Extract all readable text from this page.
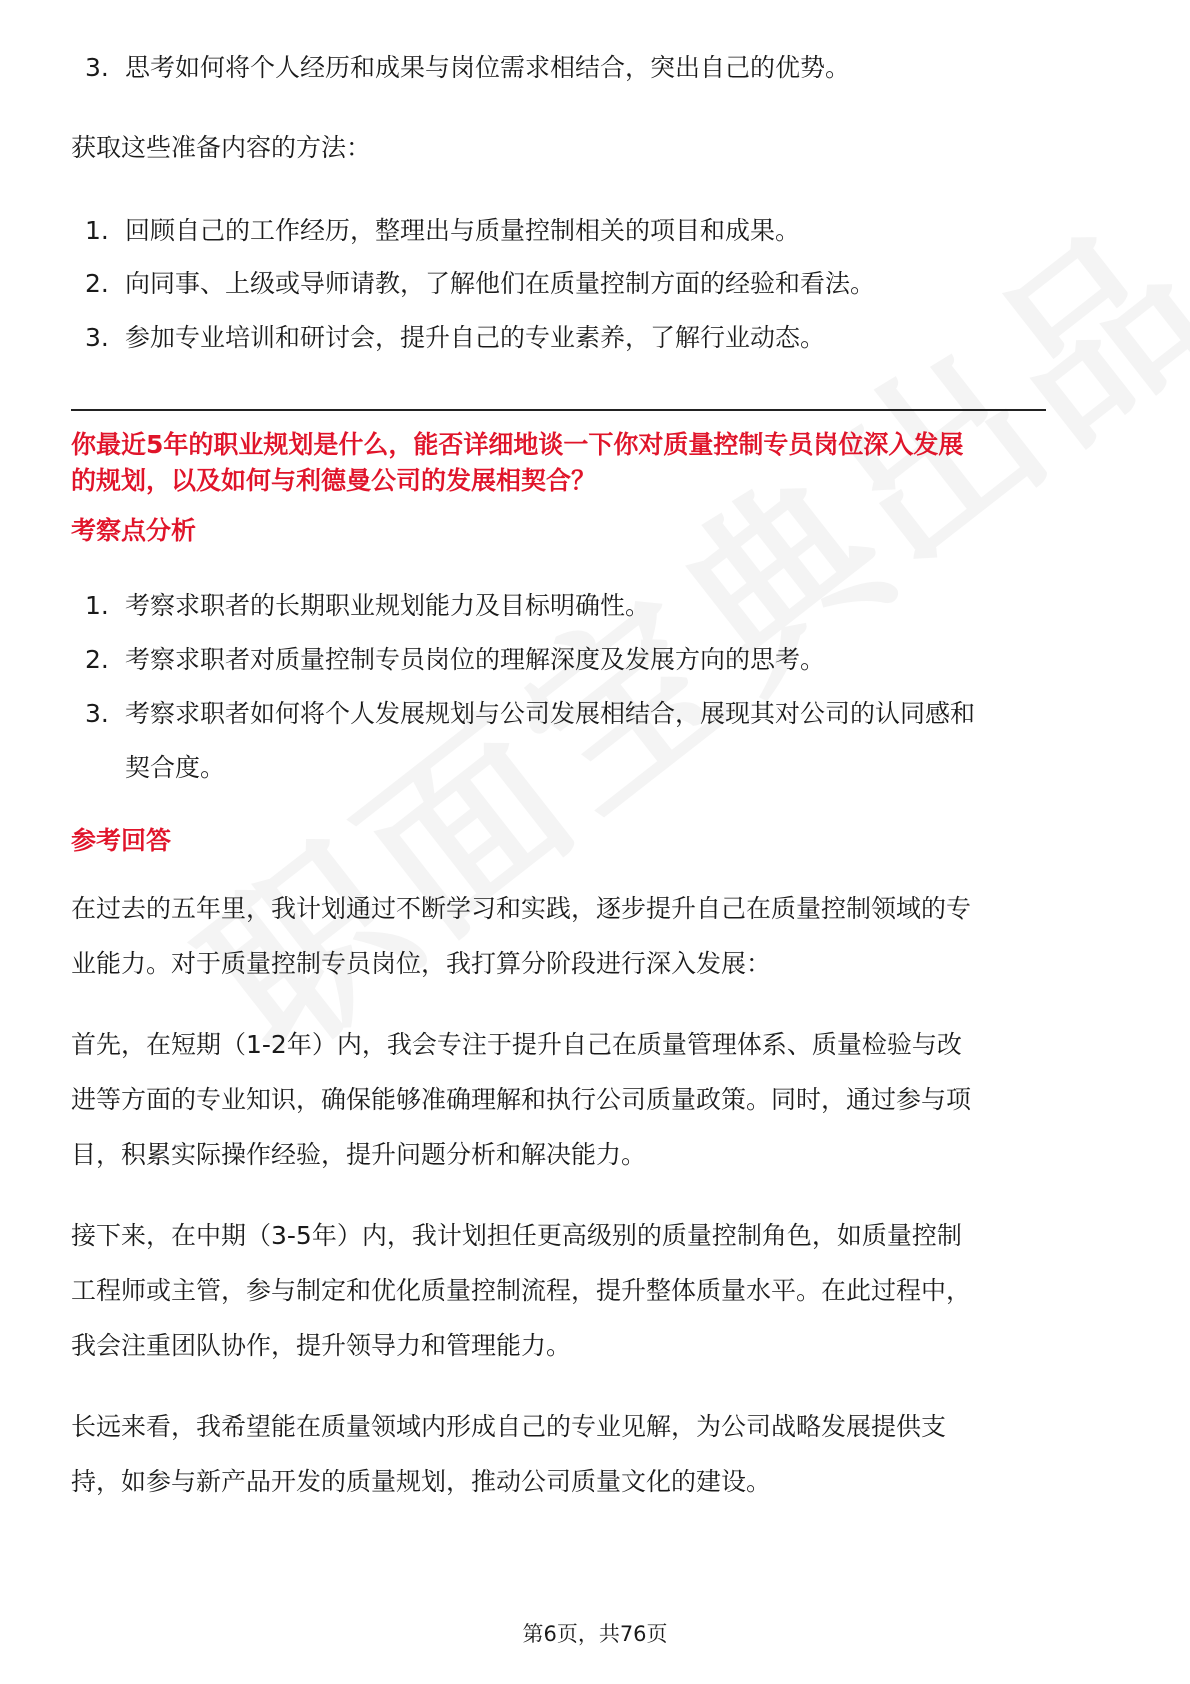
3. 思考如何将个人经历和成果与岗位需求相结合，突出自己的优势。

获取这些准备内容的方法：

1. 回顾自己的工作经历，整理出与质量控制相关的项目和成果。
2. 向同事、上级或导师请教，了解他们在质量控制方面的经验和看法。
3. 参加专业培训和研讨会，提升自己的专业素养，了解行业动态。

你最近5年的职业规划是什么，能否详细地谈一下你对质量控制专员岗位深入发展
的规划，以及如何与利德曼公司的发展相契合？

考察点分析

1. 考察求职者的长期职业规划能力及目标明确性。
2. 考察求职者对质量控制专员岗位的理解深度及发展方向的思考。
3. 考察求职者如何将个人发展规划与公司发展相结合，展现其对公司的认同感和
契合度。

参考回答

在过去的五年里，我计划通过不断学习和实践，逐步提升自己在质量控制领域的专

业能力。对于质量控制专员岗位，我打算分阶段进行深入发展：

首先，在短期（1-2年）内，我会专注于提升自己在质量管理体系、质量检验与改

进等方面的专业知识，确保能够准确理解和执行公司质量政策。同时，通过参与项

目，积累实际操作经验，提升问题分析和解决能力。

接下来，在中期（3-5年）内，我计划担任更高级别的质量控制角色，如质量控制

工程师或主管，参与制定和优化质量控制流程，提升整体质量水平。在此过程中，

我会注重团队协作，提升领导力和管理能力。

长远来看，我希望能在质量领域内形成自己的专业见解，为公司战略发展提供支

持，如参与新产品开发的质量规划，推动公司质量文化的建设。

第6页，共76页
